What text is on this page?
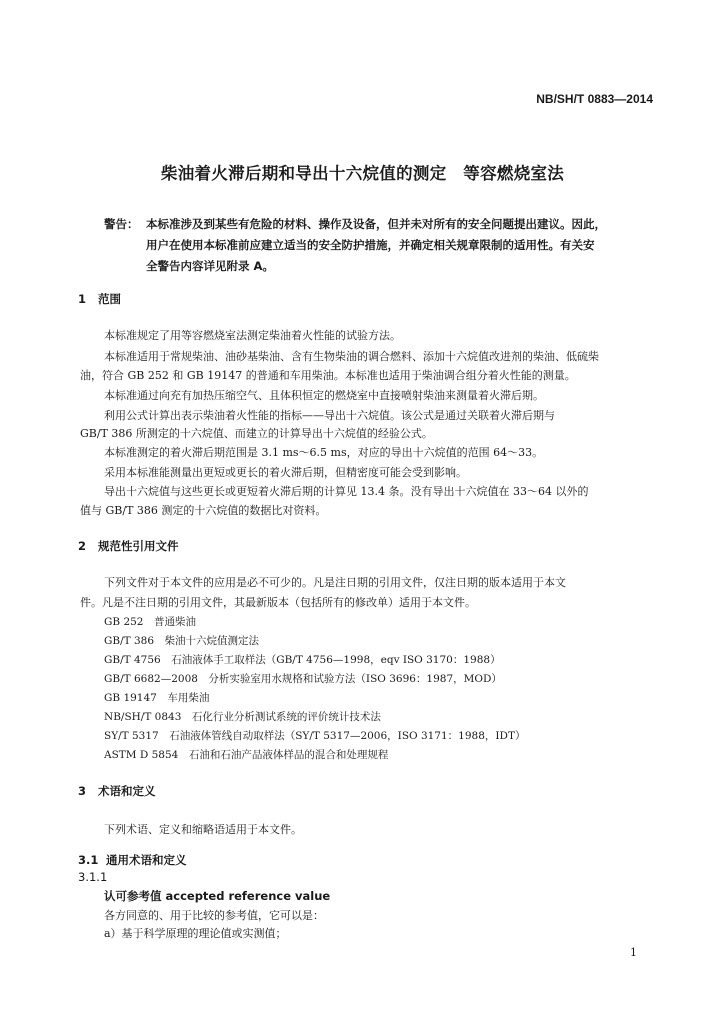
NB/SH/T 0883—2014
柴油着火滞后期和导出十六烷值的测定　等容燃烧室法
警告： 本标准涉及到某些有危险的材料、操作及设备，但并未对所有的安全问题提出建议。因此，
用户在使用本标准前应建立适当的安全防护措施，并确定相关规章限制的适用性。有关安
全警告内容详见附录 A。
1 范围
本标准规定了用等容燃烧室法测定柴油着火性能的试验方法。
本标准适用于常规柴油、油砂基柴油、含有生物柴油的调合燃料、添加十六烷值改进剂的柴油、低硫柴
油，符合 GB 252 和 GB 19147 的普通和车用柴油。本标准也适用于柴油调合组分着火性能的测量。
本标准通过向充有加热压缩空气、且体积恒定的燃烧室中直接喷射柴油来测量着火滞后期。
利用公式计算出表示柴油着火性能的指标——导出十六烷值。该公式是通过关联着火滞后期与
GB/T 386 所测定的十六烷值、而建立的计算导出十六烷值的经验公式。
本标准测定的着火滞后期范围是 3.1 ms～6.5 ms，对应的导出十六烷值的范围 64～33。
采用本标准能测量出更短或更长的着火滞后期，但精密度可能会受到影响。
导出十六烷值与这些更长或更短着火滞后期的计算见 13.4 条。没有导出十六烷值在 33～64 以外的
值与 GB/T 386 测定的十六烷值的数据比对资料。
2 规范性引用文件
下列文件对于本文件的应用是必不可少的。凡是注日期的引用文件，仅注日期的版本适用于本文
件。凡是不注日期的引用文件，其最新版本（包括所有的修改单）适用于本文件。
GB 252　普通柴油
GB/T 386　柴油十六烷值测定法
GB/T 4756　石油液体手工取样法（GB/T 4756—1998，eqv ISO 3170：1988）
GB/T 6682—2008　分析实验室用水规格和试验方法（ISO 3696：1987，MOD）
GB 19147　车用柴油
NB/SH/T 0843　石化行业分析测试系统的评价统计技术法
SY/T 5317　石油液体管线自动取样法（SY/T 5317—2006，ISO 3171：1988，IDT）
ASTM D 5854　石油和石油产品液体样品的混合和处理规程
3 术语和定义
下列术语、定义和缩略语适用于本文件。
3.1 通用术语和定义
3.1.1
认可参考值 accepted reference value
各方同意的、用于比较的参考值，它可以是：
a）基于科学原理的理论值或实测值；
1
